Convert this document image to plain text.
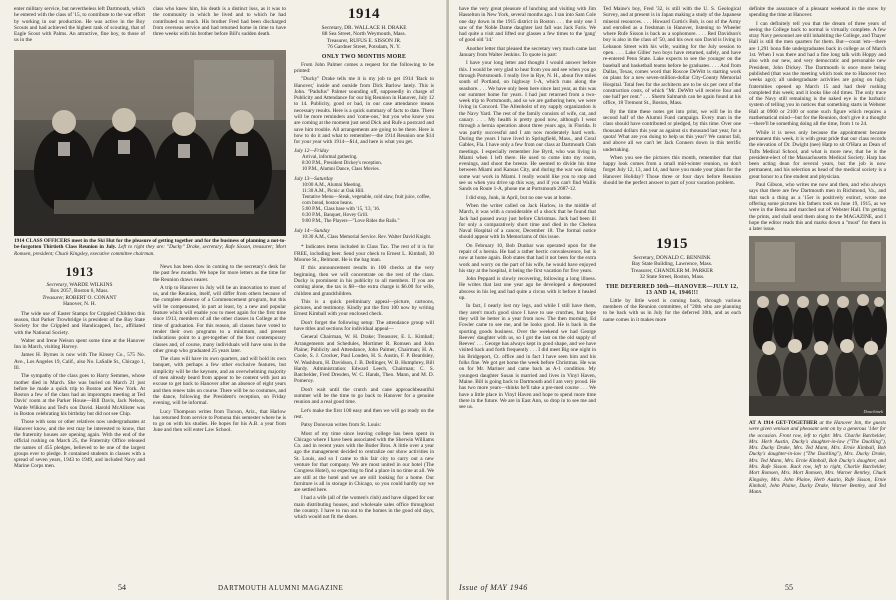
enter military service, but nevertheless left Dartmouth, which he entered with the class of '15, to contribute to the war effort by working in our production. He was active in the Boy Scouts and had achieved the highest rank of scouting, that of Eagle Scout with Palms. An attractive, fine boy, to those of us in the

class who knew him, his death is a distinct loss, as it was to the community in which he lived and to which he had contributed so much. His brother Fred had been discharged from overseas service and had returned home in time to have three weeks with his brother before Bill's sudden death.

1914 CLASS OFFICERS meet in the Ski Hut for the pleasure of getting together and for the business of planning a not-to-be-forgotten Thirtieth Class Reunion in July. Left to right they are: "Ducky" Drake, secretary; Rufe Sisson, treasurer; Mort Romsen, president; Chuck Kingsley, executive committee chairman.
1913
Secretary, WARDE WILKINS
Box 2057, Boston 6, Mass.
Treasurer, ROBERT O. CONANT
Hanover, N. H.

The wide use of Easter Stamps for Crippled Children this season, that Parker Trowbridge is president of the Bay State Society for the Crippled and Handicapped, Inc., affiliated with the National Society.

Walter and Irene Nelson spent some time at the Hanover Inn in March, visiting Harvey.

James H. Byrnes is now with The Kinsey Co., 575 No. Ave., Los Angeles 19, Calif., also No. LaSalle St., Chicago 1, Ill.

The sympathy of the class goes to Harry Semmes, whose mother died in March. She was buried on March 21 just before he made a quick trip to Boston and New York. At Boston a few of the class had an impromptu meeting at Ted Davis' room at the Parker House—Bill Davis, Jack Nelson, Warde Wilkins and Ted's son David. Harold McAllister was in Boston celebrating his birthday but did not see Chip.

Those with sons or other relatives now undergraduates at Hanover know, and the rest may be interested to know, that the fraternity houses are opening again. With the end of the official rushing on March 25, the Fraternity Office released the names of 455 pledges, believed to be one of the largest groups ever to pledge. It contained students in classes with a spread of seven years, 1943 to 1949, and included Navy and Marine Corps men.

News has been slow in coming to the secretary's desk for the past few months. We hope for more letters as the time for the Reunion draws nearer.

A trip to Hanover in July will be an innovation to most of us, and the Reunion, itself, will differ from others because of the complete absence of a Commencement program, but this will be compensated, in part at least, by a new and popular feature which will enable you to meet again for the first time since 1913, members of all the other classes in College at the time of graduation. For this reason, all classes have voted to render their own programs to a minimum, and present indications point to a get-together of the four contemporary classes and, of course, many individuals will have sons in the other group who graduated 25 years later.

The class will have its own quarters, and will hold its own banquet, with perhaps a few other exclusive features, but simplicity will be the keynote, and an overwhelming majority of men already heard from appear to be content with just an excuse to get back to Hanover after an absence of eight years and then renew tabs on course. There will be no costumes, and the dance, following the President's reception, on Friday evening, will be informal.

Lucy Thompson writes from Tucson, Ariz., that Harlow has returned from service to Pomona this semester where he is to go on with his studies. He hopes for his A.B. a year from June and then will enter Law School.

1914
Secretary, DR. WALLACE H. DRAKE
88 Sea Street, North Weymouth, Mass.
Treasurer, RUFUS E. SISSON JR.
76 Gardner Street, Potsdam, N. Y.
ONLY TWO MONTHS MORE

From John Palmer comes a request for the following to be printed:

"Ducky" Drake tells me it is my job to get 1914 'Back to Hanover,' inside and outside from Dick Barlow lately. This is John. "Padufus" Palmer sounding off, supposedly in charge of Publicity and Attendance for our big Reunion in Hanover, July 12 to 14. Publicity, good or bad, in our case attendance means necessary results. Here is a quick summary of facts to date. There will be more reminders and 'come-ons,' but you who know you are coming at the moment just send Dick and Rufe a postcard and save him trouble. All arrangements are going to be there. Here is how to do it and what to remember—the 1914 Reunion one $14 for your year with 1914—$14, and here is what you get.

July 12—Friday
Arrival, informal gathering.
8:30 P.M., President Dickey's reception.
10 P.M., Alumni Dance, Class Movies.
July 13—Saturday
10:00 A.M., Alumni Meeting.
11:30 A.M., Picnic at Oak Hill.
Tentative Menu—Steak, vegetable, cold slaw, fruit juice, coffee, corn bread, boston beans.
5:00 P.M., Class base with '15, '13, '16.
6:30 P.M., Banquet, Hovey Grill.
9:00 P.M., The Players—"Love Rides the Rails."
July 14—Sunday
10:30 A.M., Class Memorial Service. Rev. Walter David Knight.

* Indicates items included in Class Tax. The rest of it is for FREE, including beer. Send your check to Ernest L. Kimball, 30 Monroe St., Belmont. He is the bag man.

If this announcement results in 100 checks at the very beginning, then we will concentrate on the rest of the class. Ducky is prominent in his publicity to all members. If you are coming alone, the tax is $8—the extra charge is $6.00 for wife, children and grandchildren.

This is a quick preliminary appeal—picture, cartoons, pictures, and testimony. Kindly put the first 100 now by writing Ernest Kimball with your enclosed check.

Don't forget the following setup: The attendance group will have titles and sections for individual appeal—

General Chairman, W. H. Drake; Treasurer, E. L. Kimball; Arrangements and Schedules, Mortimer R. Romsen and John Plaine; Publicity and Attendance, John Palmer, Chairman; H. A. Coole, S. J. Crocker, Paul Louden, H. S. Austin, F. P. Beardsley, W. Washburn, H. Davidson, J. B. Dellinger, W. B. Humphrey, Bill Hardy. Administration: Edward Leech, Chairman; C. S. Batchelder, Fred Dresden, W. C. Hands, Theo. Mann, and M. D. Pomeroy.

Don't wait until the crutch and cane approachbeautiful summer will be the time to go back to Hanover for a genuine reunion and a real good time.

Let's make the first 100 easy and then we will go ready on the rest.

Patsy Donovan writes from St. Louis:

Most of my time since leaving college has been spent in Chicago where I have been associated with the Sherwin Williams Co. and in recent years with the Butler Bros. A little over a year ago the management decided to centralize our show activities in St. Louis, and so I came to this fair city to carry out a new venture for that company. We are most united in our hotel (The Congress Hotel), so expecting to find a place in no time at all. We are still at the hotel and we are still looking for a home. Our furniture is all in storage in Chicago, so you could hardly say we are settled here.

I had a wife (all of the women's club) and have slipped for our main distributing houses, and wholesale sales office throughout the country. I have to run out to the homes in the good old days, which would not fit the shoes.

54	DARTMOUTH ALUMNI MAGAZINE

have the very great pleasure of lunching and visiting with Jim Hasselton in New York, several months ago. I ran into Sam Cole one day down in the 1915 district in Boston . . . the only one I saw of the Noble Dame daughter last fall was Jack Faris. We had quite a visit and lifted our glasses a few times to the 'gang' of good old '14.'

Another letter that pleased the secretary very much came last January from Walter Jenkins. To quote in part:

I have your long letter and thought I would answer before this. I would be very glad to hear from you and see when you go through Portsmouth. I really live in Rye, N. H., about five miles south of Portland, on highway 1-A, which runs along the seashore. . . . We have only been here since last year, as this was our summer home for years. I had just returned from a two-week trip to Portsmouth, and so we are gathering here, we were living in Concord. The Allenholst of my supply organization is the Navy Yard. The rest of the family consists of wife, cat, and canary. . . . My health is pretty good now, although I went through a hernia operation about three years ago, in Florida. It was partly successful and I am now moderately hard work. During the years I have lived in Springfield, Mass., and Coral Gables, Fla. I have only a few from our class at Dartmouth Club meetings. I especially remember Joe Byrd, who was living in Miami when I left there. He used to come into my room, evenings, and shoot the breeze. He seemed to divide his time between Miami and Kansas City, and during the war was doing some war work in Miami. I really would like you to stop and see us when you drive up this way, and if you can't find Wallis Sands on Route 1-A, phone me at Portsmouth 2687-12.

I did stop, Junk, in April, but no one was at home.

When the writer called on Jack Harlow, in the middle of March, it was with a considerable of a shock that he found that Jack had passed away just before Christmas. Jack had been ill for only a comparatively short time and died in the Chelsea Naval Hospital of a cancer, December 18. The formal notice should appear with In Memoriams of this issue.

On February 10, Bob Dunbar was operated upon for the repair of a hernia. He had a rather hectic convalescence, but is now at home again. Bob states that had it not been for the extra work and worry on the part of his wife, he would have enjoyed his stay at the hospital, it being the first vacation for five years.

John Peppard is slowly recovering, following a long illness. He writes that last one year ago he developed a deepseated abscess in his leg and had quite a circus with it before it healed up.

In fact, I nearly lost my legs, and while I still have them, they aren't much good since I have to use crutches, but hope they will be better in a year from now. The then morning, Ed Fowler came to see me, and he looks good. He is back in the sporting goods business. Over the weekend we had George Reeves' daughter with us, so I got the last on the old supply of Reeves' . . . George has always kept in good shape, and we have visited back and forth frequently . . . I did meet Big one night in his Bridgeport, Ct. office and in fact I have seen him and his folks fine. We got get home the week before Christmas. He was on for Mr. Mariner and came back as A-1 condition. My youngest daughter Susan is married and lives in Vinyl Haven, Maine. Bill is going back to Dartmouth and I am very proud. He has two more years—thinks he'll take a pre-med course . . . We have a little place in Vinyl Haven and hope to spend more time there in the future. We are in East Ann, so drop in to see me and see us.

Ted Maine's boy, Fred '32, is still with the U. S. Geological Survey, and at present is in Japan making a study of the Japanese mineral resources. . . . Howard Curtis's Bob, is out of the Army and enrolled as a freshman in Hanover, listening to Wheeler where Rufe Sisson is back as a sophomore. . . . Red Davidson's boy is also in the class of '50, and his own son David is living in Lebanon Street with his wife, waiting for the July session to open. . . . Lake Gilles' two boys have returned, safely, and have re-entered Penn State. Lake expects to see the younger on the baseball and basketball teams before he graduates. . . . And from Dallas, Texas, comes word that Roscoe DeWitt is starting work on plans for a new seven-million-dollar City-County Memorial Hospital. Total fees for the architects are to be six per cent of the construction costs, of which "Mr. DeWitt will receive four and one half per cent." . . . Sherm Salmarsh can be again found at his office, 18 Tremont St., Boston, Mass.

By the time these notes get into print, we will be in the second half of the Alumni Fund campaign. Every man in the class should have contributed or pledged, by this time. Over one thousand dollars this year as against six thousand last year, for a quota! What are you doing to help us this year? We cannot fail, and above all we can't let Jack Conners down in this terrific undertaking.

When you see the pictures this month, remember that that happy look comes from a small mid-winter reunion, so don't forget July 12, 13, and 14, and have you made your plans for the Hanover Holiday? Those three or four days before Reunion should be the perfect answer to part of your vacation problem.

definite the assurance of a pleasant weekend in the snow by spending the time at Hanover.

I can definitely tell you that the dream of three years of seeing the College back to normal is virtually complete. A few stray Navy personnel are still inhabiting the College, and Thayer Hall is still the men quarters for them. But—count 'em—there are 1,291 bona fide undergraduates back in college as of March 1st. When I was there and had a fine long talk with Hoppy and also with our new, and very democratic and personable new President, John Dickey. The Dartmouth is once more being published (that was the meeting which took me to Hanover two weeks ago); all undergraduate activities are going on high; fraternities opened up March 15 and had their rushing completed this week; and it looks like old times. The only trace of the Navy still remaining is the naked eye is the barbaric system of telling you in notices that something starts in Webster Hall at 0900 or 2100 or some such figure which requires a mathematical mind—but for the Reunion, don't give it a thought—there'll be something doing all the time, from 1 to 24.

While it is news only because the appointment became permanent this week, it is with great pride that our class records the elevation of Dr. Dwight (nee) Hatp to sit O'Hara as Dean of Tufts Medical School, and what is more new, that he is the president-elect of the Massachusetts Medical Society. Harp has been acting dean for several years, but the job is now permanent, and his selection as head of the medical society is a great honor to a fine student and physician.

Paul Gibson, who writes me now and then, and who always says that there are few Dartmouth men in Richmond, Va., and that such a thing as a '15er is positively extinct, wrote me offering some pictures his fathers took on June 19, 1915, as we were in the Bema and marched out of Webster Hall. I'm getting the prints, and shall send them along to the MAGAZINE, and I hope the editor reads this and marks down a "must" for them in a later issue.

1915
Secretary, DONALD C. BENNINK
Bay State Building, Lawrence, Mass.
Treasurer, CHANDLER M. PARKER
32 State Street, Boston, Mass.
THE DEFERRED 30th—HANOVER—JULY 12, 13 AND 14, 1946!!!

Little by little word is coming back, through various members of the Reunion committee, of "20th who are planning to be back with us in July for the deferred 30th, and as each name comes in it makes more

Donchinek
AT A 1914 GET-TOGETHER at the Hanover Inn, the guests were given venison and pheasant sent on by a generous '14er for the occasion. Front row, left to right: Mrs. Charlie Batchelder, Mrs. Herb Austin, Ducky's daughter-in-law ("The Duckling"), Mrs. Ducky Drake, Mrs. Ted Mann, Mrs. Ernie Kimball, Bob Ducky's daughter-in-law ("The Duckling"), Mrs. Ducky Drake, Mrs. Ted Mann, Mrs. Ernie Kimball, Bob Ducky's daughter, and Mrs. Rufe Sisson. Back row, left to right, Charlie Batchelder, Mort Romsen, Mrs. Mort Romsen, Mrs. Warner Bentley, Chuck Kingsley, Mrs. John Plaine, Herb Austin, Rufe Sisson, Ernie Kimball, John Plaine, Ducky Drake, Warner Bentley, and Ted Mann.
Issue of MAY 1946	55
